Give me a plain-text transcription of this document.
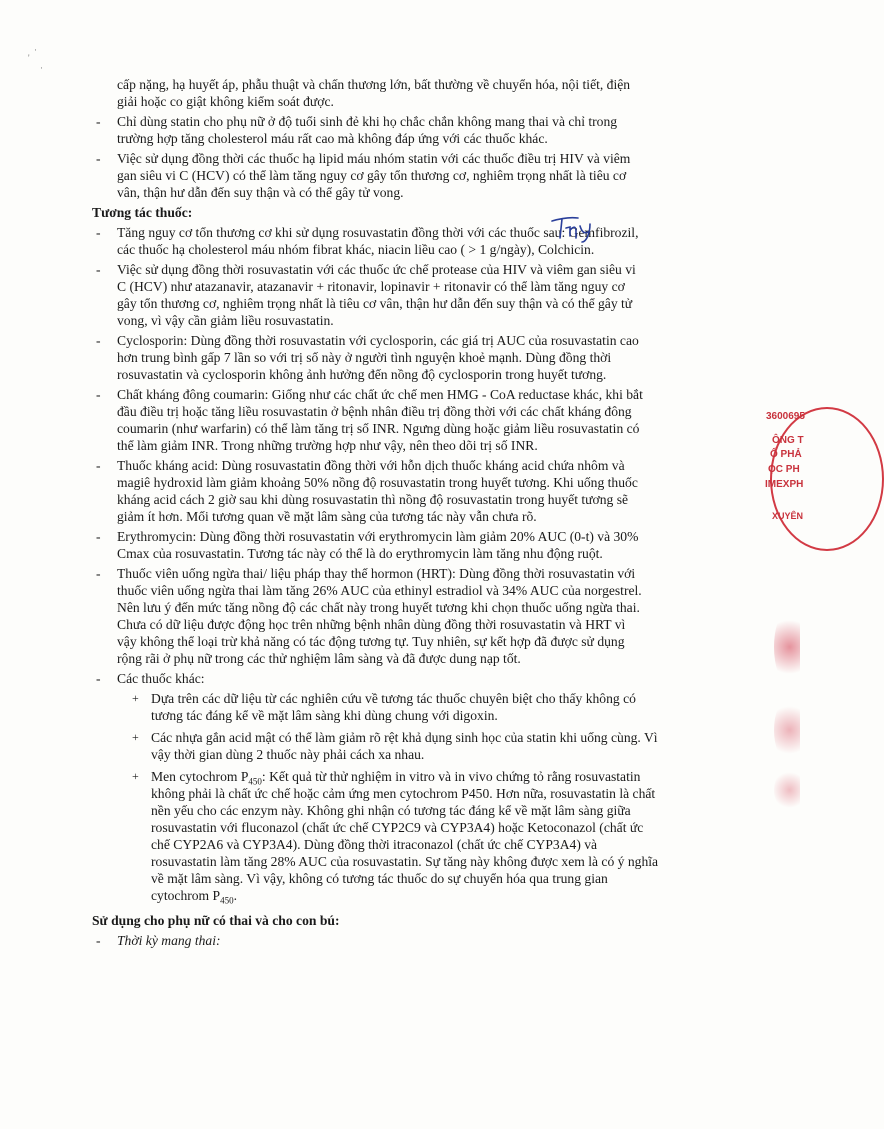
·
'
·
cấp nặng, hạ huyết áp, phẫu thuật và chấn thương lớn, bất thường về chuyển hóa, nội tiết, điện
giải hoặc co giật không kiểm soát được.
- Chỉ dùng statin cho phụ nữ ở độ tuổi sinh đẻ khi họ chắc chắn không mang thai và chỉ trong
trường hợp tăng cholesterol máu rất cao mà không đáp ứng với các thuốc khác.
- Việc sử dụng đồng thời các thuốc hạ lipid máu nhóm statin với các thuốc điều trị HIV và viêm
gan siêu vi C (HCV) có thể làm tăng nguy cơ gây tổn thương cơ, nghiêm trọng nhất là tiêu cơ
vân, thận hư dẫn đến suy thận và có thể gây tử vong.
Tương tác thuốc:
- Tăng nguy cơ tổn thương cơ khi sử dụng rosuvastatin đồng thời với các thuốc sau: Gemfibrozil,
các thuốc hạ cholesterol máu nhóm fibrat khác, niacin liều cao ( > 1 g/ngày), Colchicin.
- Việc sử dụng đồng thời rosuvastatin với các thuốc ức chế protease của HIV và viêm gan siêu vi
C (HCV) như atazanavir, atazanavir + ritonavir, lopinavir + ritonavir có thể làm tăng nguy cơ
gây tổn thương cơ, nghiêm trọng nhất là tiêu cơ vân, thận hư dẫn đến suy thận và có thể gây tử
vong, vì vậy cần giảm liều rosuvastatin.
- Cyclosporin: Dùng đồng thời rosuvastatin với cyclosporin, các giá trị AUC của rosuvastatin cao
hơn trung bình gấp 7 lần so với trị số này ở người tình nguyện khoẻ mạnh. Dùng đồng thời
rosuvastatin và cyclosporin không ảnh hưởng đến nồng độ cyclosporin trong huyết tương.
- Chất kháng đông coumarin: Giống như các chất ức chế men HMG - CoA reductase khác, khi bắt
đầu điều trị hoặc tăng liều rosuvastatin ở bệnh nhân điều trị đồng thời với các chất kháng đông
coumarin (như warfarin) có thể làm tăng trị số INR. Ngưng dùng hoặc giảm liều rosuvastatin có
thể làm giảm INR. Trong những trường hợp như vậy, nên theo dõi trị số INR.
- Thuốc kháng acid: Dùng rosuvastatin đồng thời với hỗn dịch thuốc kháng acid chứa nhôm và
magiê hydroxid làm giảm khoảng 50% nồng độ rosuvastatin trong huyết tương. Khi uống thuốc
kháng acid cách 2 giờ sau khi dùng rosuvastatin thì nồng độ rosuvastatin trong huyết tương sẽ
giảm ít hơn. Mối tương quan về mặt lâm sàng của tương tác này vẫn chưa rõ.
- Erythromycin: Dùng đồng thời rosuvastatin với erythromycin làm giảm 20% AUC (0-t) và 30%
Cmax của rosuvastatin. Tương tác này có thể là do erythromycin làm tăng nhu động ruột.
- Thuốc viên uống ngừa thai/ liệu pháp thay thế hormon (HRT): Dùng đồng thời rosuvastatin với
thuốc viên uống ngừa thai làm tăng 26% AUC của ethinyl estradiol và 34% AUC của norgestrel.
Nên lưu ý đến mức tăng nồng độ các chất này trong huyết tương khi chọn thuốc uống ngừa thai.
Chưa có dữ liệu được động học trên những bệnh nhân dùng đồng thời rosuvastatin và HRT vì
vậy không thể loại trừ khả năng có tác động tương tự. Tuy nhiên, sự kết hợp đã được sử dụng
rộng rãi ở phụ nữ trong các thử nghiệm lâm sàng và đã được dung nạp tốt.
- Các thuốc khác:
+ Dựa trên các dữ liệu từ các nghiên cứu về tương tác thuốc chuyên biệt cho thấy không có
tương tác đáng kể về mặt lâm sàng khi dùng chung với digoxin.
+ Các nhựa gắn acid mật có thể làm giảm rõ rệt khả dụng sinh học của statin khi uống cùng. Vì
vậy thời gian dùng 2 thuốc này phải cách xa nhau.
+ Men cytochrom $P_{450}$: Kết quả từ thử nghiệm in vitro và in vivo chứng tỏ rằng rosuvastatin
không phải là chất ức chế hoặc cảm ứng men cytochrom P450. Hơn nữa, rosuvastatin là chất
nền yếu cho các enzym này. Không ghi nhận có tương tác đáng kể về mặt lâm sàng giữa
rosuvastatin với fluconazol (chất ức chế CYP2C9 và CYP3A4) hoặc Ketoconazol (chất ức
chế CYP2A6 và CYP3A4). Dùng đồng thời itraconazol (chất ức chế CYP3A4) và
rosuvastatin làm tăng 28% AUC của rosuvastatin. Sự tăng này không được xem là có ý nghĩa
về mặt lâm sàng. Vì vậy, không có tương tác thuốc do sự chuyển hóa qua trung gian
cytochrom $P_{450}$.
Sử dụng cho phụ nữ có thai và cho con bú:
- Thời kỳ mang thai:
3600695
ÔNG T
Ổ PHẢ
ỌC PH
IMEXPH
XUYÊN
